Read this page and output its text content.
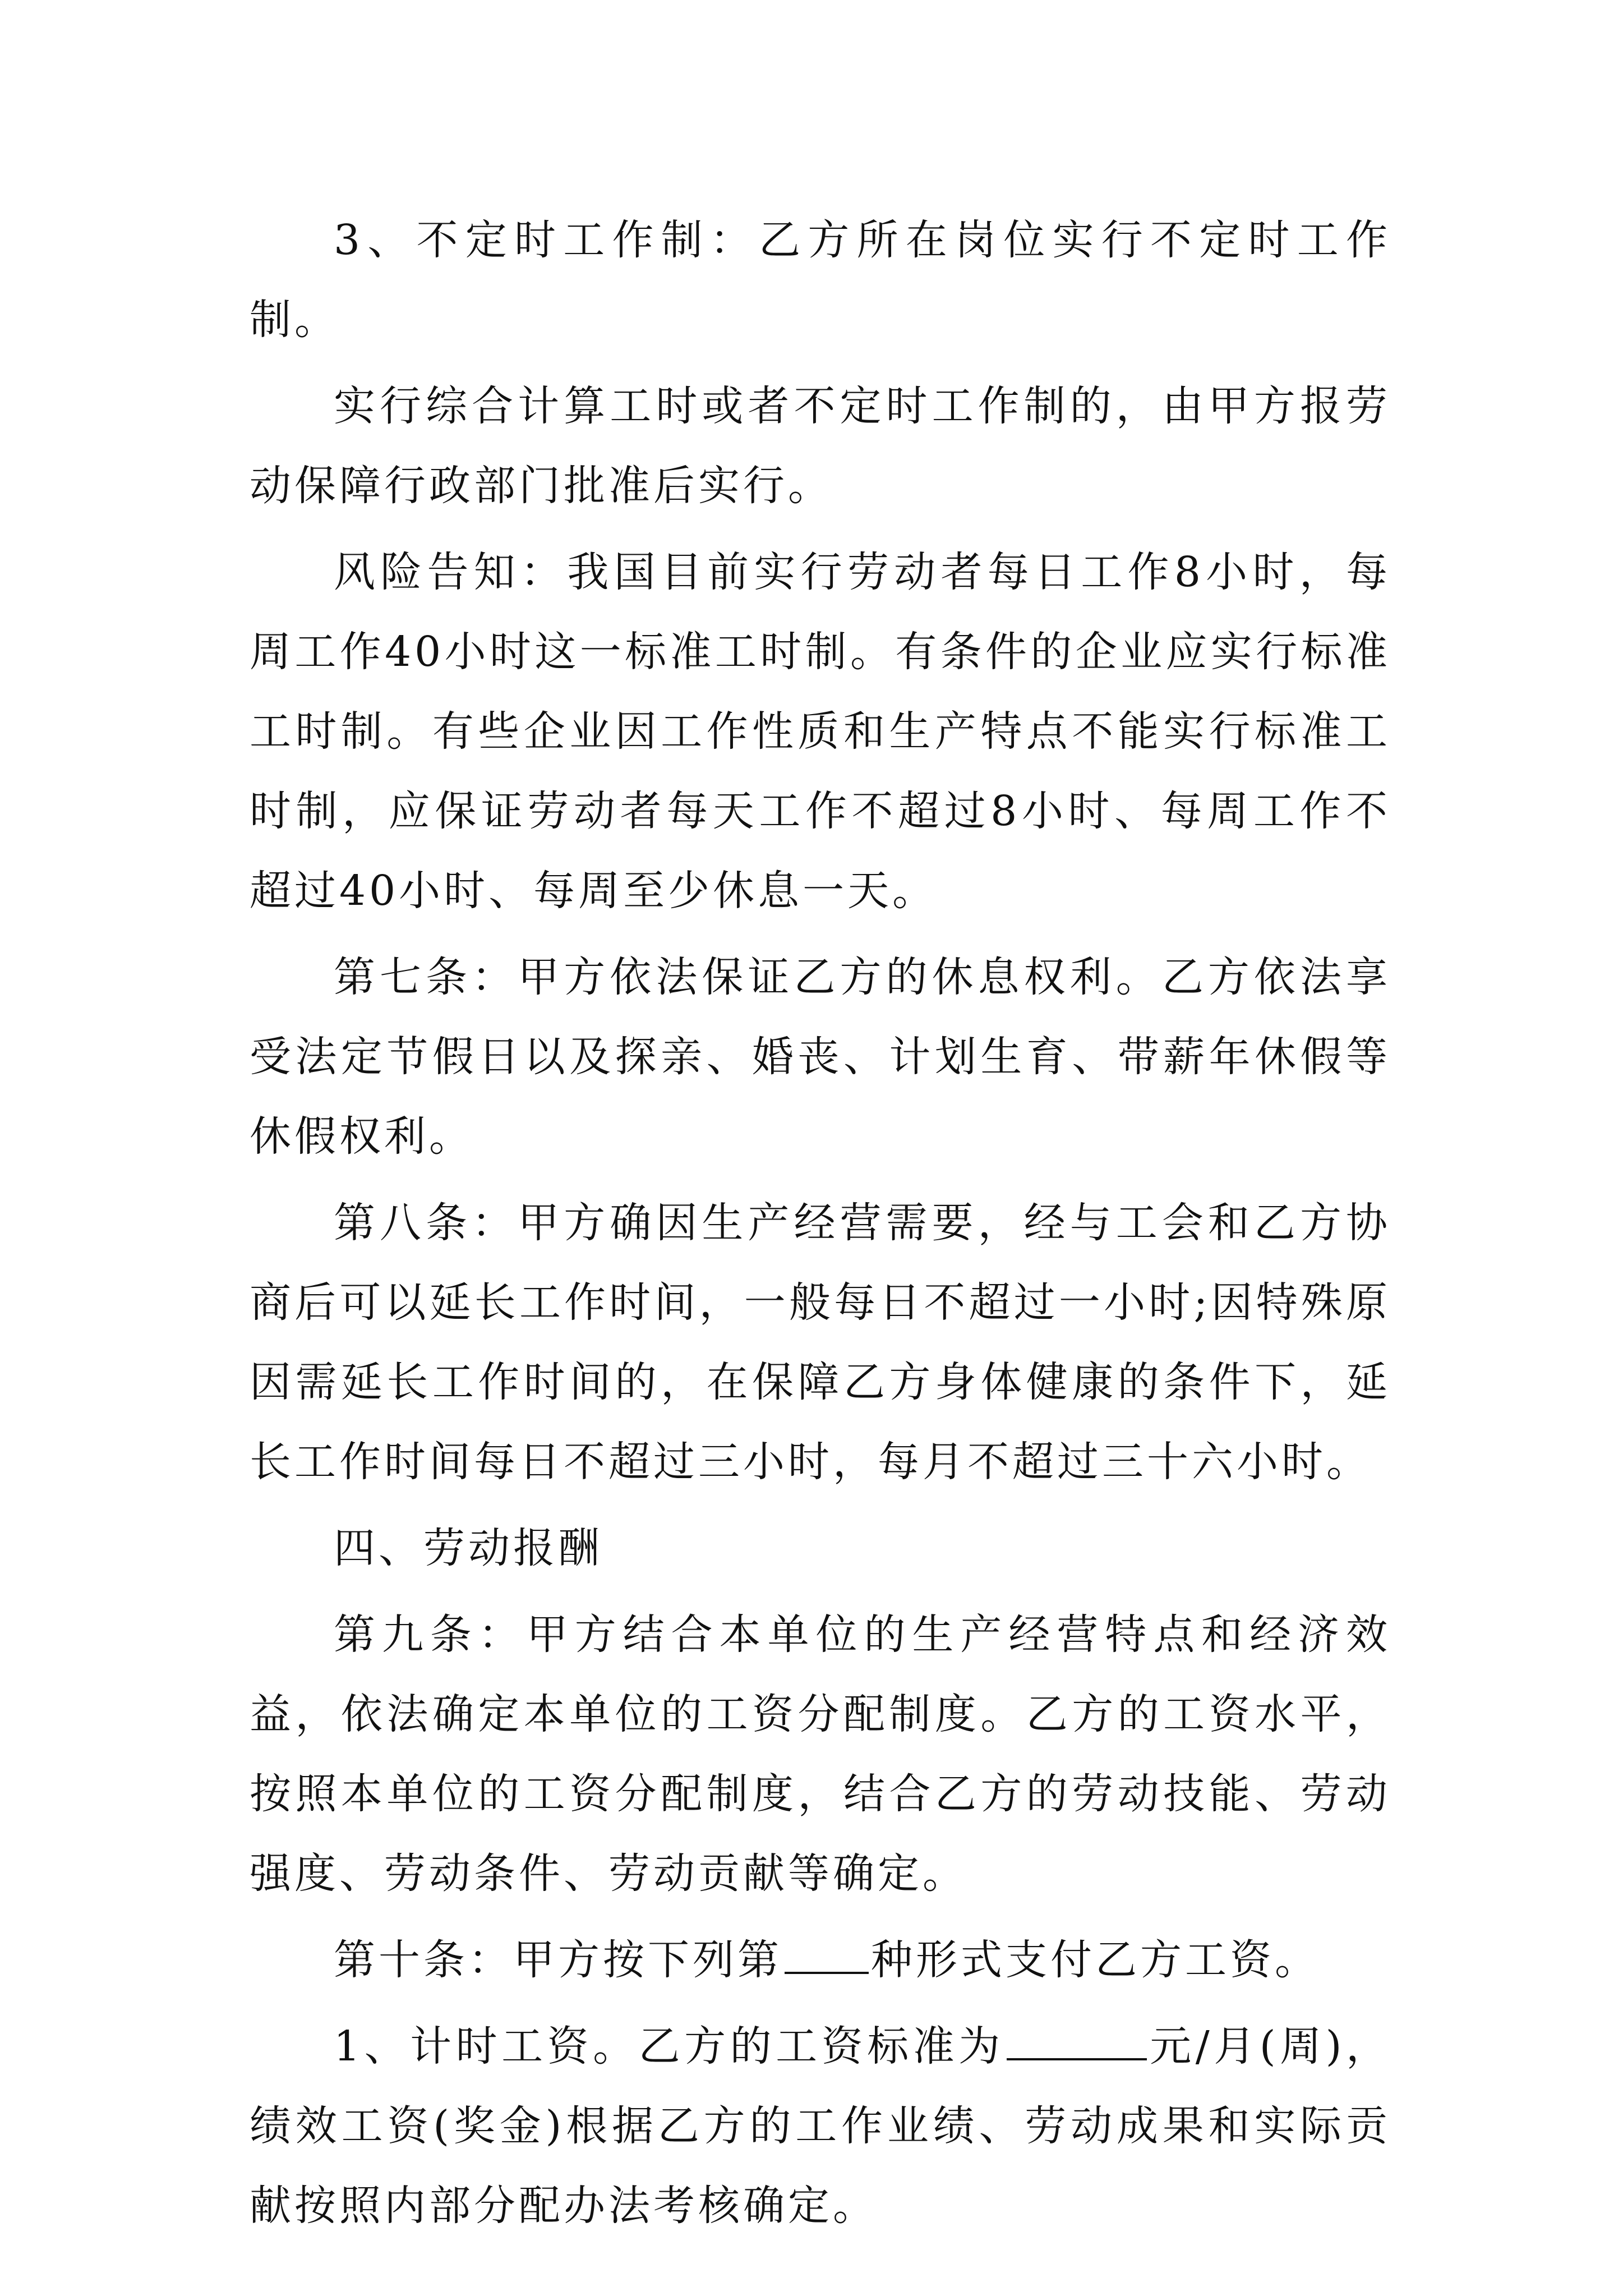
3、不定时工作制：乙方所在岗位实行不定时工作制。

实行综合计算工时或者不定时工作制的，由甲方报劳动保障行政部门批准后实行。

风险告知：我国目前实行劳动者每日工作8小时，每周工作40小时这一标准工时制。有条件的企业应实行标准工时制。有些企业因工作性质和生产特点不能实行标准工时制，应保证劳动者每天工作不超过8小时、每周工作不超过40小时、每周至少休息一天。

第七条：甲方依法保证乙方的休息权利。乙方依法享受法定节假日以及探亲、婚丧、计划生育、带薪年休假等休假权利。

第八条：甲方确因生产经营需要，经与工会和乙方协商后可以延长工作时间，一般每日不超过一小时;因特殊原因需延长工作时间的，在保障乙方身体健康的条件下，延长工作时间每日不超过三小时，每月不超过三十六小时。

四、劳动报酬

第九条：甲方结合本单位的生产经营特点和经济效益，依法确定本单位的工资分配制度。乙方的工资水平，按照本单位的工资分配制度，结合乙方的劳动技能、劳动强度、劳动条件、劳动贡献等确定。

第十条：甲方按下列第 种形式支付乙方工资。

1、计时工资。乙方的工资标准为	元/月(周)，绩效工资(奖金)根据乙方的工作业绩、劳动成果和实际贡献按照内部分配办法考核确定。
